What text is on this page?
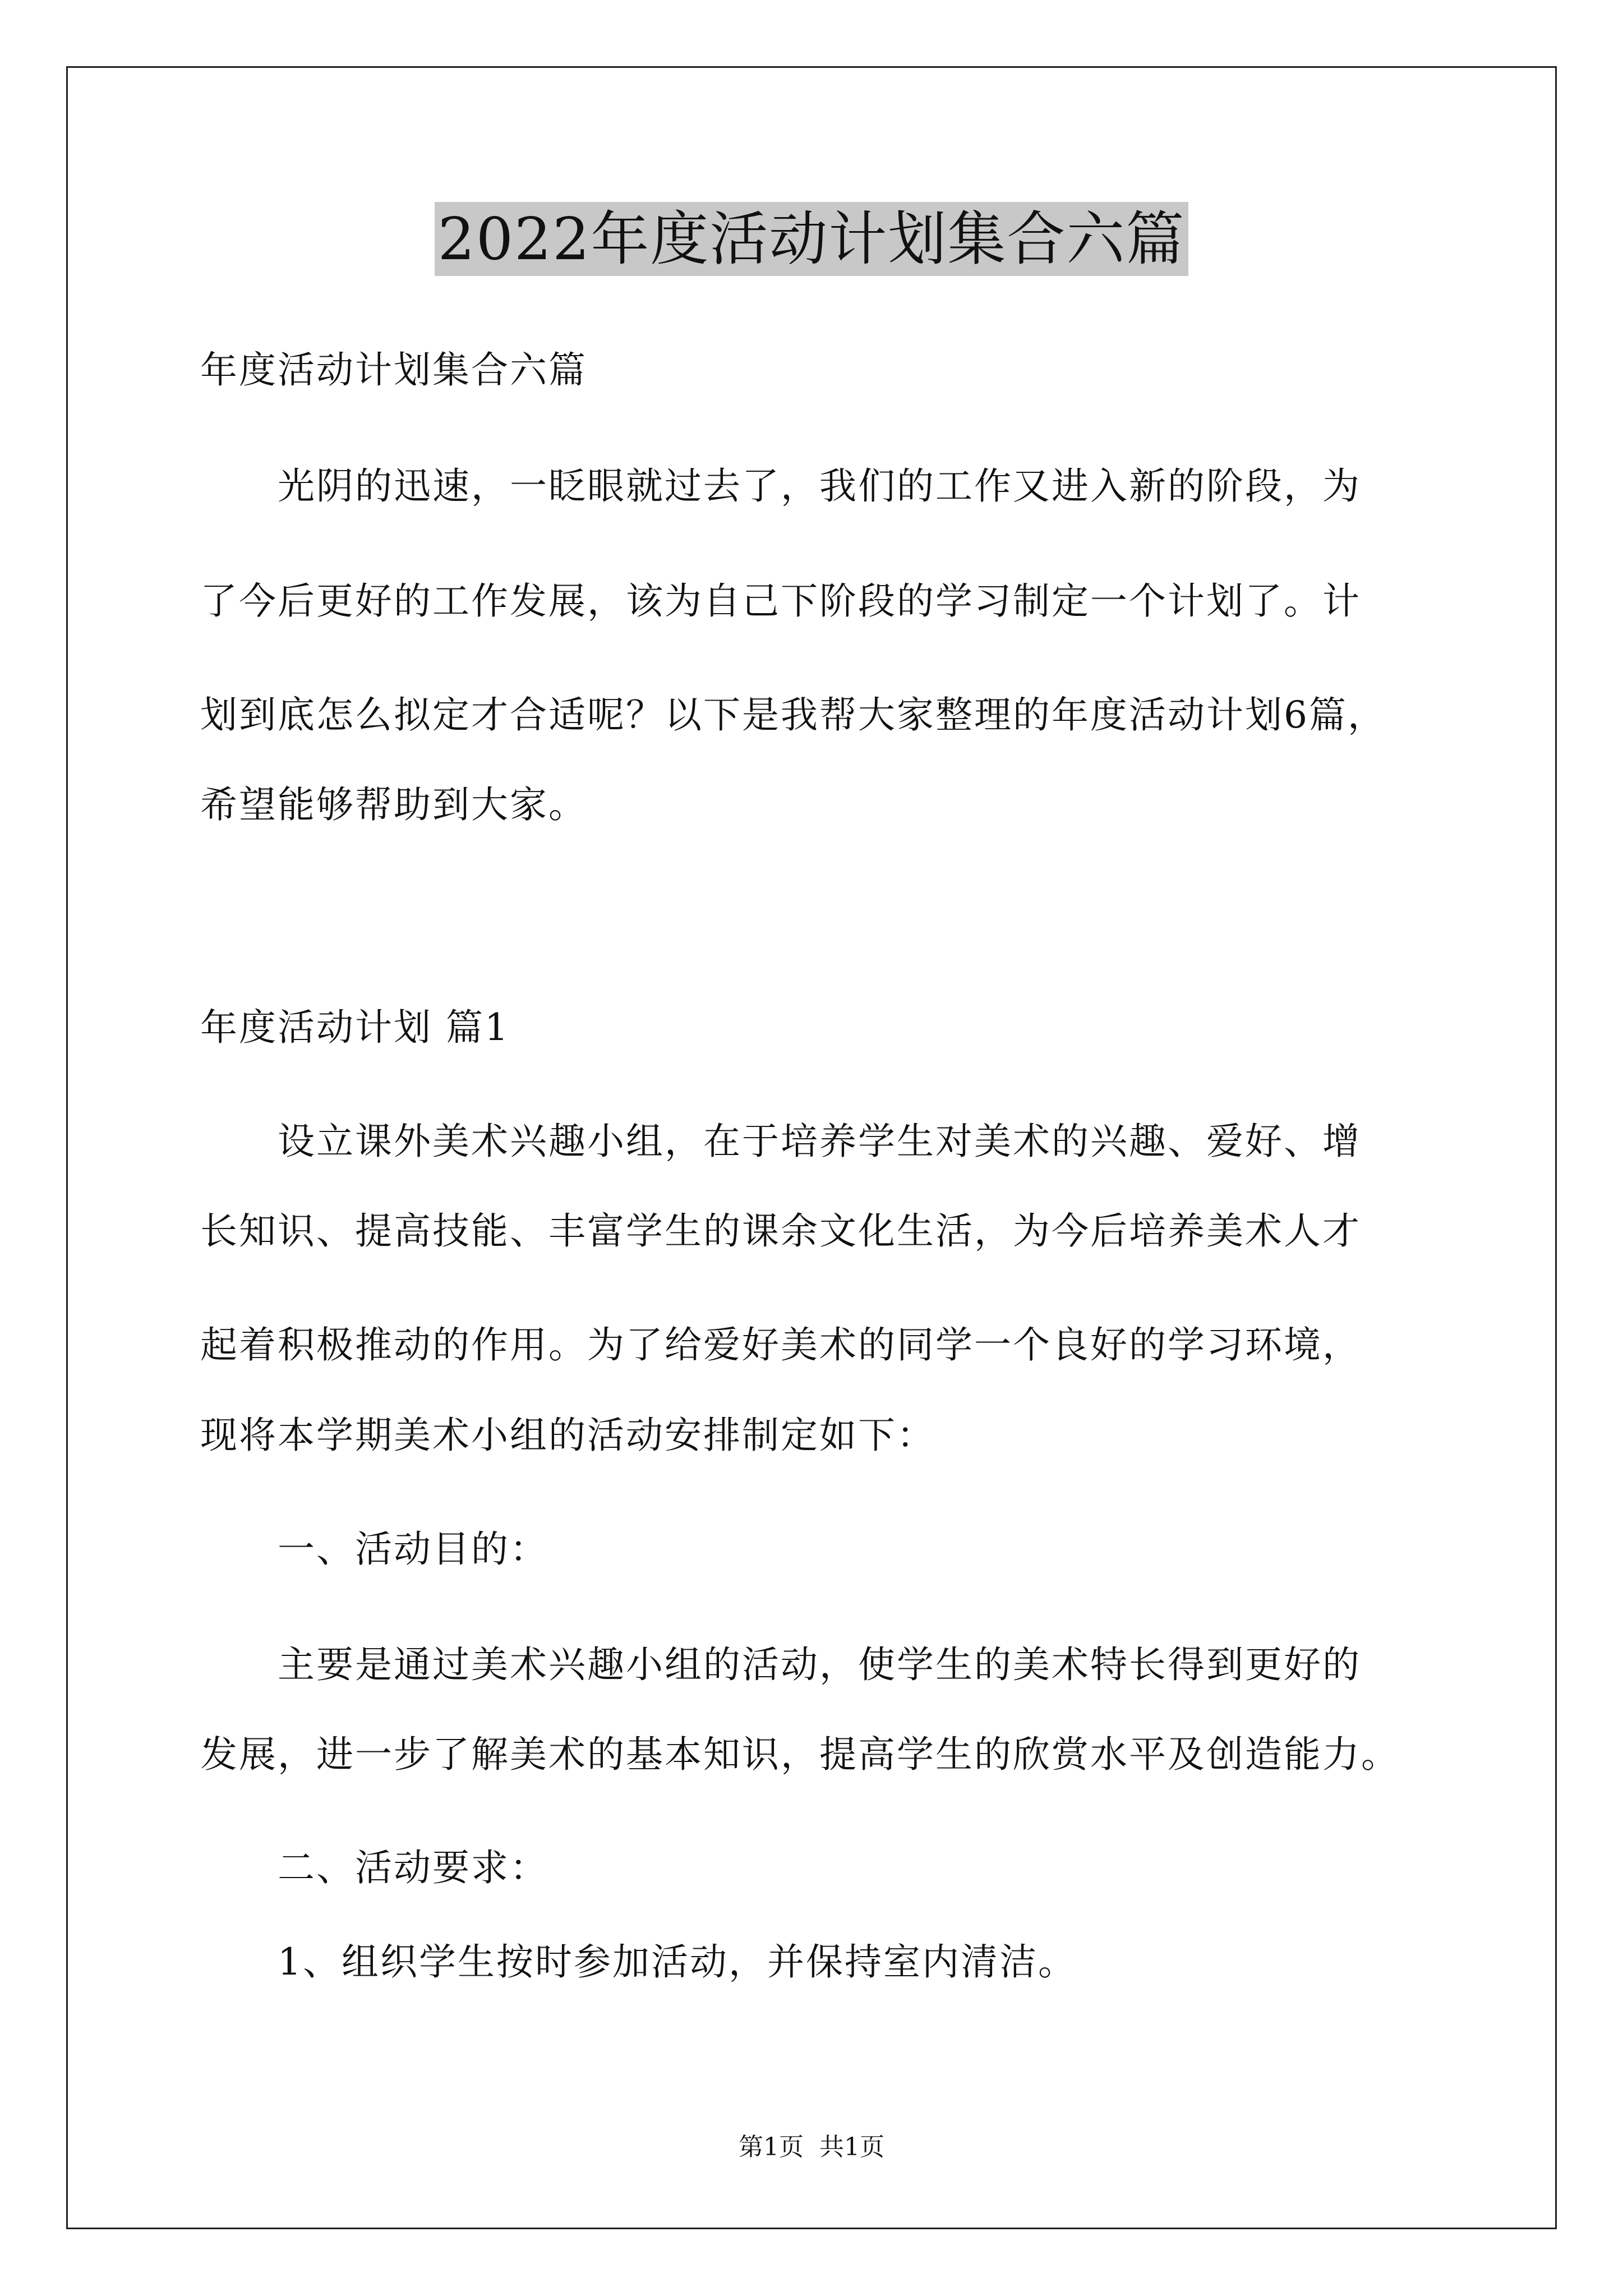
2022年度活动计划集合六篇
年度活动计划集合六篇
　　光阴的迅速，一眨眼就过去了，我们的工作又进入新的阶段，为
了今后更好的工作发展，该为自己下阶段的学习制定一个计划了。计
划到底怎么拟定才合适呢？以下是我帮大家整理的年度活动计划6篇，
希望能够帮助到大家。
年度活动计划 篇1
　　设立课外美术兴趣小组，在于培养学生对美术的兴趣、爱好、增
长知识、提高技能、丰富学生的课余文化生活，为今后培养美术人才
起着积极推动的作用。为了给爱好美术的同学一个良好的学习环境，
现将本学期美术小组的活动安排制定如下：
　　一、活动目的：
　　主要是通过美术兴趣小组的活动，使学生的美术特长得到更好的
发展，进一步了解美术的基本知识，提高学生的欣赏水平及创造能力。
　　二、活动要求：
　　1、组织学生按时参加活动，并保持室内清洁。
第1页 共1页
